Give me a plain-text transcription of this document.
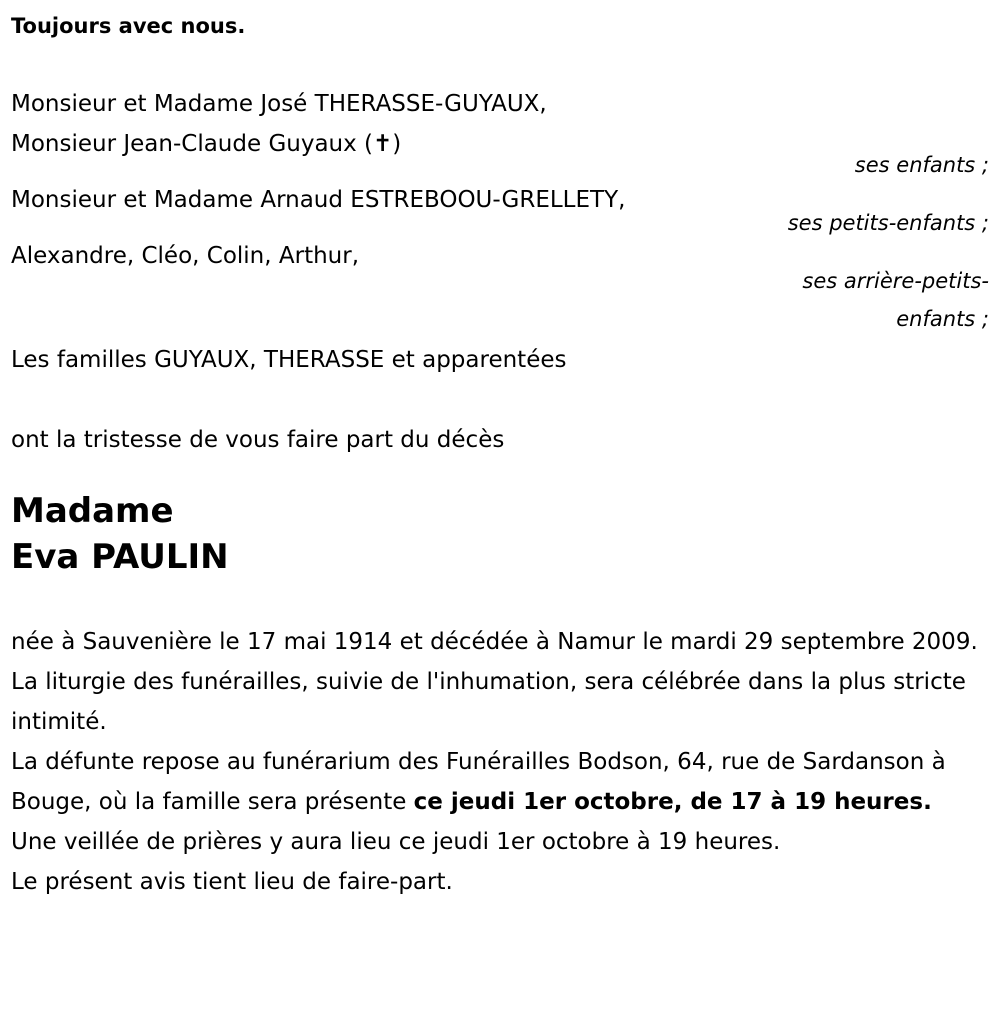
Toujours avec nous.
Monsieur et Madame José THERASSE-GUYAUX,
Monsieur Jean-Claude Guyaux (✝)
ses enfants ;
Monsieur et Madame Arnaud ESTREBOOU-GRELLETY,
ses petits-enfants ;
Alexandre, Cléo, Colin, Arthur,
ses arrière-petits-enfants ;
Les familles GUYAUX, THERASSE et apparentées
ont la tristesse de vous faire part du décès
Madame
Eva PAULIN
née à Sauvenière le 17 mai 1914 et décédée à Namur le mardi 29 septembre 2009.
La liturgie des funérailles, suivie de l'inhumation, sera célébrée dans la plus stricte intimité.
La défunte repose au funérarium des Funérailles Bodson, 64, rue de Sardanson à Bouge, où la famille sera présente ce jeudi 1er octobre, de 17 à 19 heures.
Une veillée de prières y aura lieu ce jeudi 1er octobre à 19 heures.
Le présent avis tient lieu de faire-part.
